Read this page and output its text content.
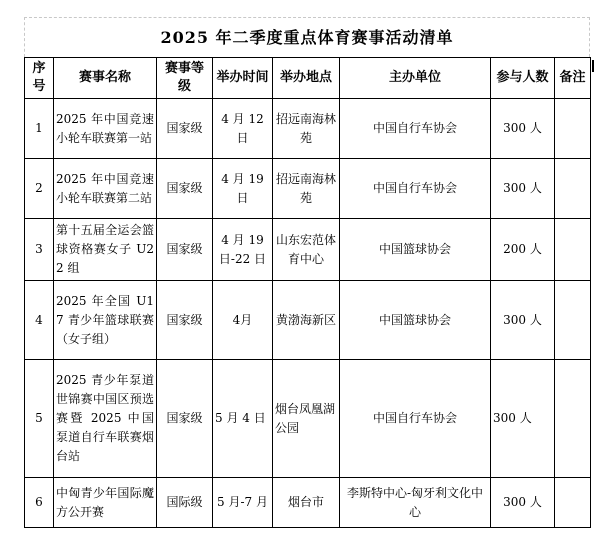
2025 年二季度重点体育赛事活动清单
序号	赛事名称	赛事等级	举办时间	举办地点	主办单位	参与人数	备注
1	2025 年中国竞速小轮车联赛第一站	国家级	4 月 12 日	招远南海林苑	中国自行车协会	300 人	
2	2025 年中国竞速小轮车联赛第二站	国家级	4 月 19 日	招远南海林苑	中国自行车协会	300 人	
3	第十五届全运会篮球资格赛女子 U22 组	国家级	4 月 19 日-22 日	山东宏范体育中心	中国篮球协会	200 人	
4	2025 年全国 U17 青少年篮球联赛（女子组）	国家级	4月	黄渤海新区	中国篮球协会	300 人	
5	2025 青少年泵道世锦赛中国区预选赛暨 2025 中国泵道自行车联赛烟台站	国家级	5 月 4 日	烟台凤凰湖公园	中国自行车协会	300 人	
6	中匈青少年国际魔方公开赛	国际级	5 月-7 月	烟台市	李斯特中心-匈牙利文化中心	300 人	
